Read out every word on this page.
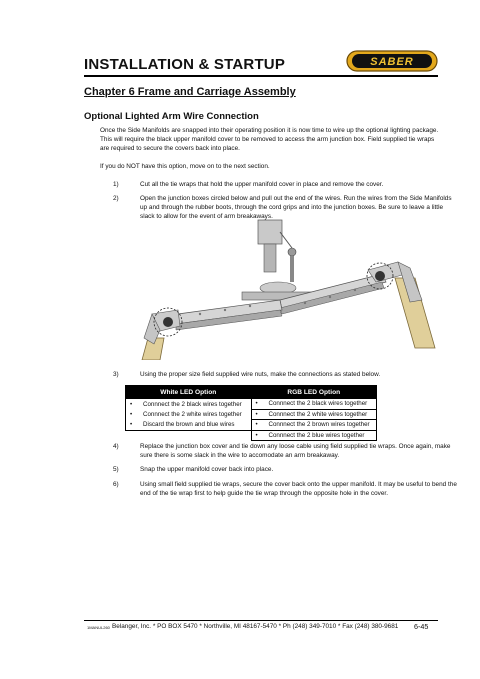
INSTALLATION & STARTUP	SABER
Chapter 6 Frame and Carriage Assembly
Optional Lighted Arm Wire Connection
Once the Side Manifolds are snapped into their operating position it is now time to wire up the optional lighting package. This will require the black upper manifold cover to be removed to access the arm junction box. Field supplied tie wraps are required to secure the covers back into place.
If you do NOT have this option, move on to the next section.
1)	Cut all the tie wraps that hold the upper manifold cover in place and remove the cover.
2)	Open the junction boxes circled below and pull out the end of the wires. Run the wires from the Side Manifolds up and through the rubber boots, through the cord grips and into the junction boxes. Be sure to leave a little slack to allow for the event of arm breakaways.
3)	Using the proper size field supplied wire nuts, make the connections as stated below.
White LED Option	RGB LED Option
• Connnect the 2 black wires together	• Connnect the 2 black wires together
• Connnect the 2 white wires together	• Connnect the 2 white wires together
• Discard the brown and blue wires	• Connnect the 2 brown wires together
	• Connnect the 2 blue wires together
4)	Replace the junction box cover and tie down any loose cable using field supplied tie wraps. Once again, make sure there is some slack in the wire to accomodate an arm breakaway.
5)	Snap the upper manifold cover back into place.
6)	Using small field supplied tie wraps, secure the cover back onto the upper manifold. It may be useful to bend the end of the tie wrap first to help guide the tie wrap through the opposite hole in the cover.
1MANUL260 Belanger, Inc. * PO BOX 5470 * Northville, MI 48167-5470 * Ph (248) 349-7010 * Fax (248) 380-9681 6-45
